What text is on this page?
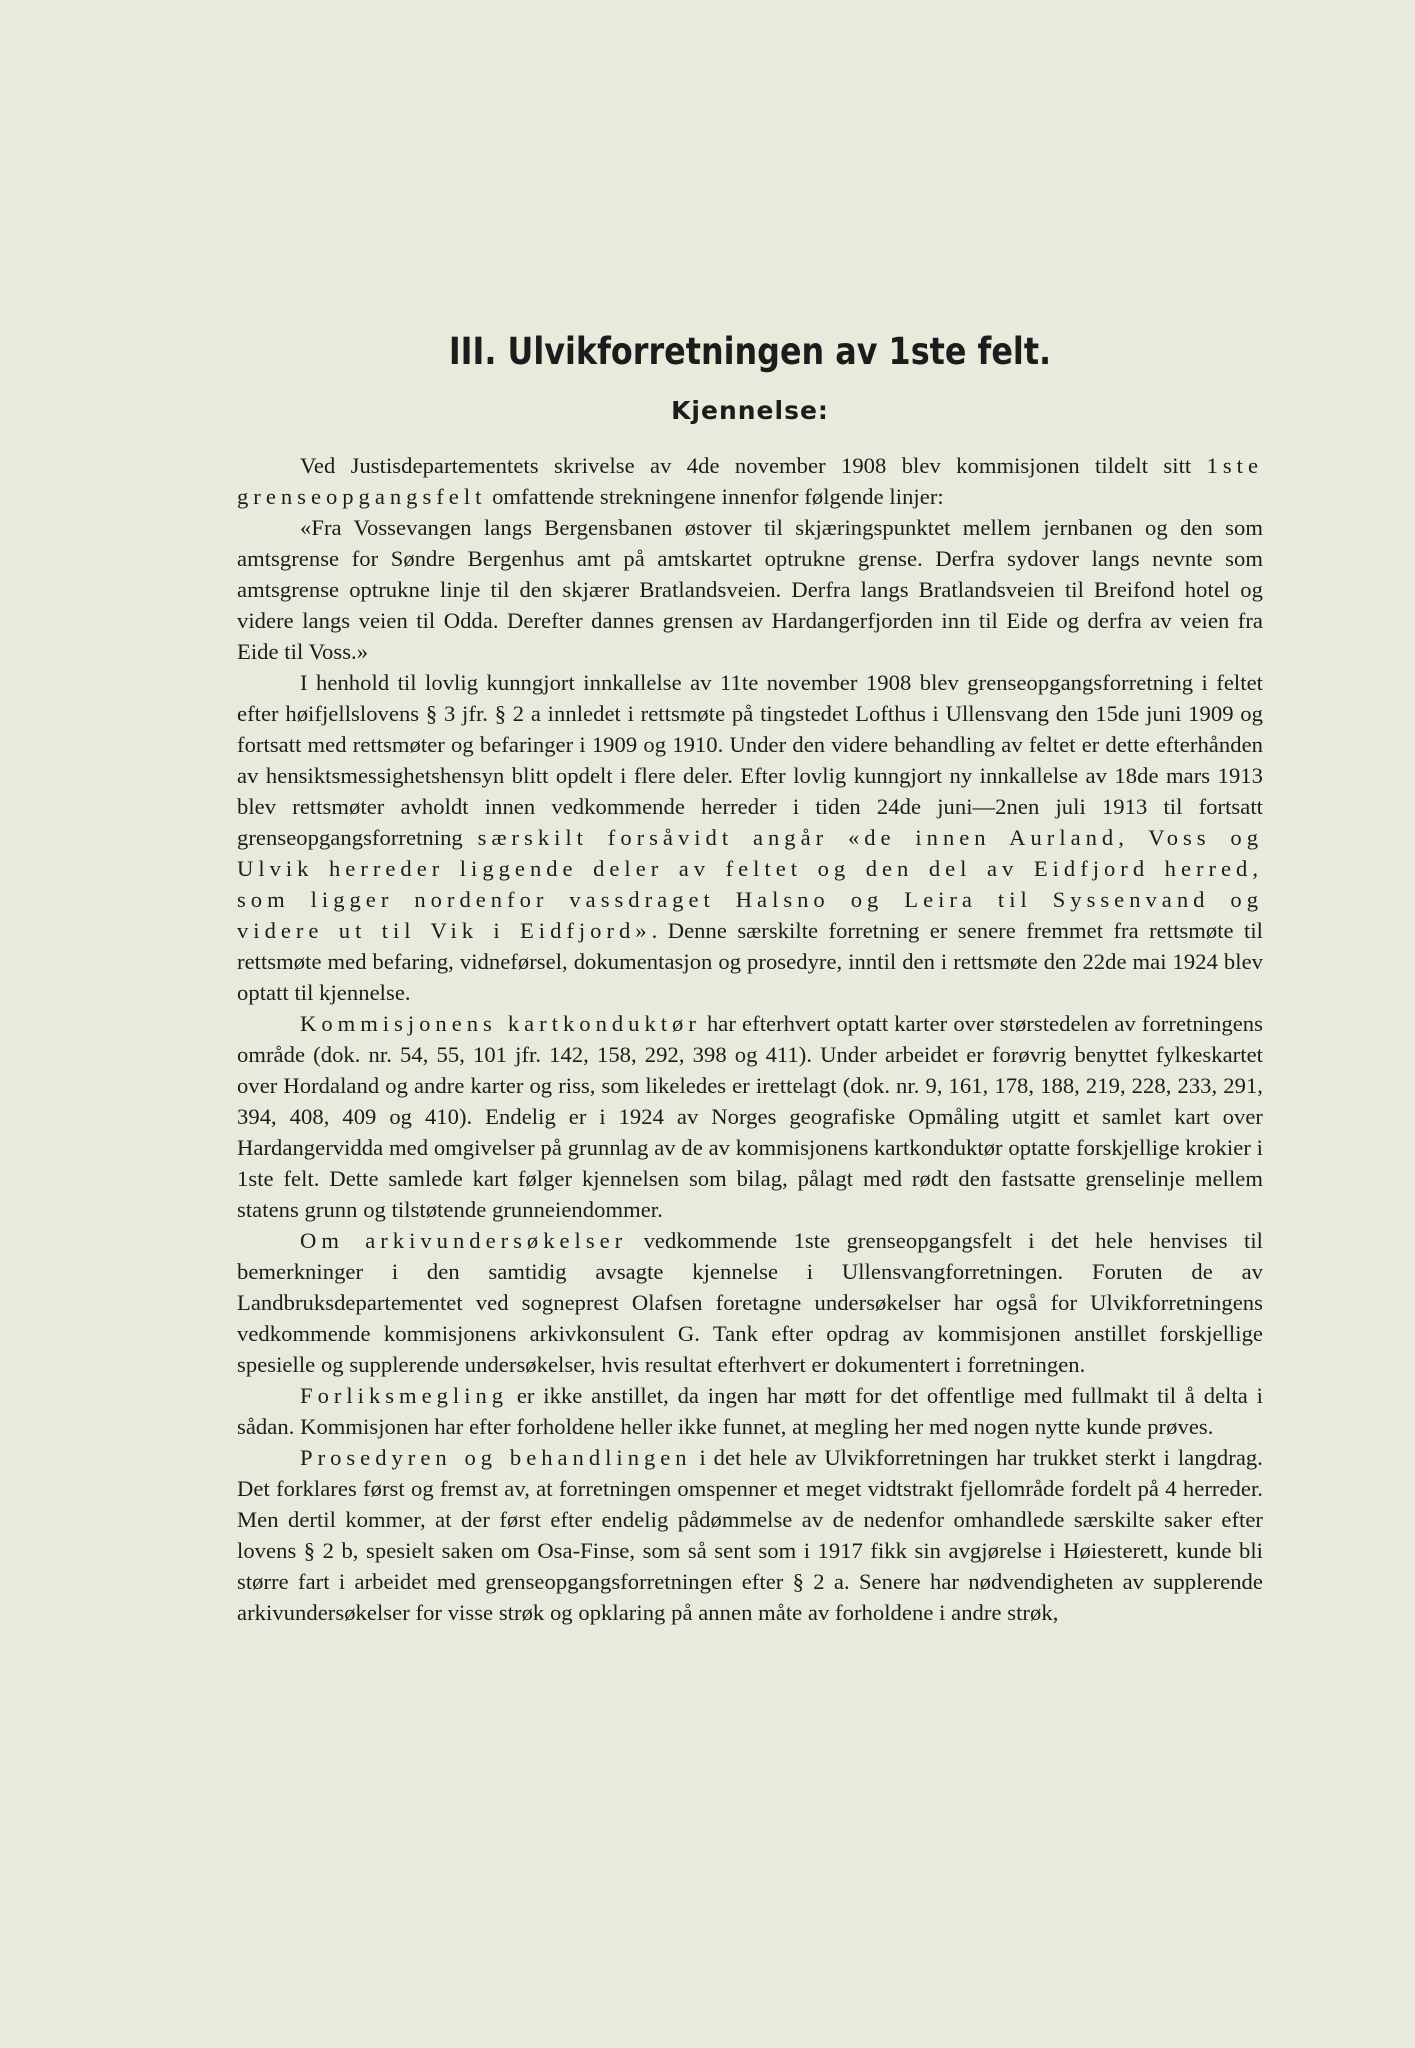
III. Ulvikforretningen av 1ste felt.
Kjennelse:

Ved Justisdepartementets skrivelse av 4de november 1908 blev kommisjonen tildelt sitt 1ste grenseopgangsfelt omfattende strekningene innenfor følgende linjer:

«Fra Vossevangen langs Bergensbanen østover til skjæringspunktet mellem jernbanen og den som amtsgrense for Søndre Bergenhus amt på amtskartet optrukne grense. Derfra sydover langs nevnte som amtsgrense optrukne linje til den skjærer Bratlandsveien. Derfra langs Bratlandsveien til Breifond hotel og videre langs veien til Odda. Derefter dannes grensen av Hardangerfjorden inn til Eide og derfra av veien fra Eide til Voss.»

I henhold til lovlig kunngjort innkallelse av 11te november 1908 blev grenseopgangsforretning i feltet efter høifjellslovens § 3 jfr. § 2 a innledet i rettsmøte på tingstedet Lofthus i Ullensvang den 15de juni 1909 og fortsatt med rettsmøter og befaringer i 1909 og 1910. Under den videre behandling av feltet er dette efterhånden av hensiktsmessighetshensyn blitt opdelt i flere deler. Efter lovlig kunngjort ny innkallelse av 18de mars 1913 blev rettsmøter avholdt innen vedkommende herreder i tiden 24de juni—2nen juli 1913 til fortsatt grenseopgangsforretning særskilt forsåvidt angår «de innen Aurland, Voss og Ulvik herreder liggende deler av feltet og den del av Eidfjord herred, som ligger nordenfor vassdraget Halsno og Leira til Syssenvand og videre ut til Vik i Eidfjord». Denne særskilte forretning er senere fremmet fra rettsmøte til rettsmøte med befaring, vidneførsel, dokumentasjon og prosedyre, inntil den i rettsmøte den 22de mai 1924 blev optatt til kjennelse.

Kommisjonens kartkonduktør har efterhvert optatt karter over størstedelen av forretningens område (dok. nr. 54, 55, 101 jfr. 142, 158, 292, 398 og 411). Under arbeidet er forøvrig benyttet fylkeskartet over Hordaland og andre karter og riss, som likeledes er irettelagt (dok. nr. 9, 161, 178, 188, 219, 228, 233, 291, 394, 408, 409 og 410). Endelig er i 1924 av Norges geografiske Opmåling utgitt et samlet kart over Hardangervidda med omgivelser på grunnlag av de av kommisjonens kartkonduktør optatte forskjellige krokier i 1ste felt. Dette samlede kart følger kjennelsen som bilag, pålagt med rødt den fastsatte grenselinje mellem statens grunn og tilstøtende grunneiendommer.

Om arkivundersøkelser vedkommende 1ste grenseopgangsfelt i det hele henvises til bemerkninger i den samtidig avsagte kjennelse i Ullensvangforretningen. Foruten de av Landbruksdepartementet ved sogneprest Olafsen foretagne undersøkelser har også for Ulvikforretningens vedkommende kommisjonens arkivkonsulent G. Tank efter opdrag av kommisjonen anstillet forskjellige spesielle og supplerende undersøkelser, hvis resultat efterhvert er dokumentert i forretningen.

Forliksmegling er ikke anstillet, da ingen har møtt for det offentlige med fullmakt til å delta i sådan. Kommisjonen har efter forholdene heller ikke funnet, at megling her med nogen nytte kunde prøves.

Prosedyren og behandlingen i det hele av Ulvikforretningen har trukket sterkt i langdrag. Det forklares først og fremst av, at forretningen omspenner et meget vidtstrakt fjellområde fordelt på 4 herreder. Men dertil kommer, at der først efter endelig pådømmelse av de nedenfor omhandlede særskilte saker efter lovens § 2 b, spesielt saken om Osa-Finse, som så sent som i 1917 fikk sin avgjørelse i Høiesterett, kunde bli større fart i arbeidet med grenseopgangsforretningen efter § 2 a. Senere har nødvendigheten av supplerende arkivundersøkelser for visse strøk og opklaring på annen måte av forholdene i andre strøk,
